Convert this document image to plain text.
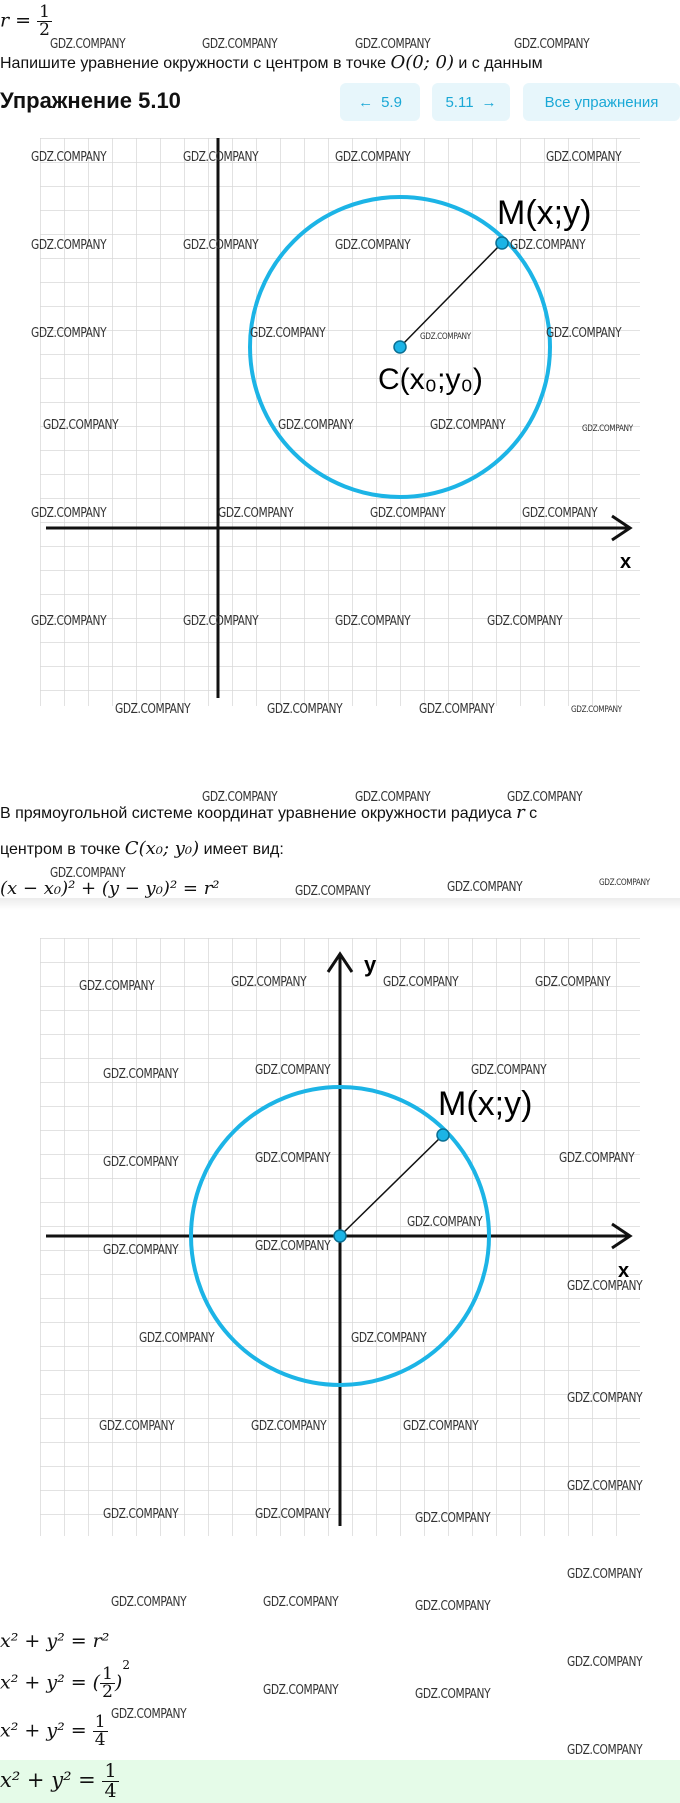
$r = \frac{1}{2}$
Напишите уравнение окружности с центром в точке O(0; 0) и с данным
Упражнение 5.10	← 5.9	5.11 →	Все упражнения
x
M(x;y)
C(x₀;y₀)
В прямоугольной системе координат уравнение окружности радиуса r с
центром в точке C(x₀; y₀) имеет вид:
(x − x₀)² + (y − y₀)² = r²
y
x
M(x;y)
x² + y² = r²
x² + y² = ( $\frac{1}{2} )^2$
$x^2 + y^2 = \frac{1}{4}$
$x^2 + y^2 = \frac{1}{4}$
GDZ.COMPANY	GDZ.COMPANY	GDZ.COMPANY	GDZ.COMPANY
GDZ.COMPANY	GDZ.COMPANY	GDZ.COMPANY	GDZ.COMPANY
GDZ.COMPANY	GDZ.COMPANY	GDZ.COMPANY	GDZ.COMPANY
GDZ.COMPANY	GDZ.COMPANY	GDZ.COMPANY	GDZ.COMPANY
GDZ.COMPANY	GDZ.COMPANY	GDZ.COMPANY	GDZ.COMPANY
GDZ.COMPANY	GDZ.COMPANY	GDZ.COMPANY	GDZ.COMPANY
GDZ.COMPANY	GDZ.COMPANY	GDZ.COMPANY	GDZ.COMPANY
GDZ.COMPANY	GDZ.COMPANY	GDZ.COMPANY	GDZ.COMPANY
GDZ.COMPANY	GDZ.COMPANY	GDZ.COMPANY
GDZ.COMPANY
GDZ.COMPANY	GDZ.COMPANY	GDZ.COMPANY
GDZ.COMPANY	GDZ.COMPANY	GDZ.COMPANY	GDZ.COMPANY
GDZ.COMPANY	GDZ.COMPANY	GDZ.COMPANY
GDZ.COMPANY	GDZ.COMPANY	GDZ.COMPANY
GDZ.COMPANY
GDZ.COMPANY	GDZ.COMPANY
GDZ.COMPANY
GDZ.COMPANY	GDZ.COMPANY
GDZ.COMPANY
GDZ.COMPANY	GDZ.COMPANY	GDZ.COMPANY
GDZ.COMPANY
GDZ.COMPANY	GDZ.COMPANY	GDZ.COMPANY
GDZ.COMPANY
GDZ.COMPANY	GDZ.COMPANY	GDZ.COMPANY
GDZ.COMPANY
GDZ.COMPANY	GDZ.COMPANY
GDZ.COMPANY
GDZ.COMPANY
